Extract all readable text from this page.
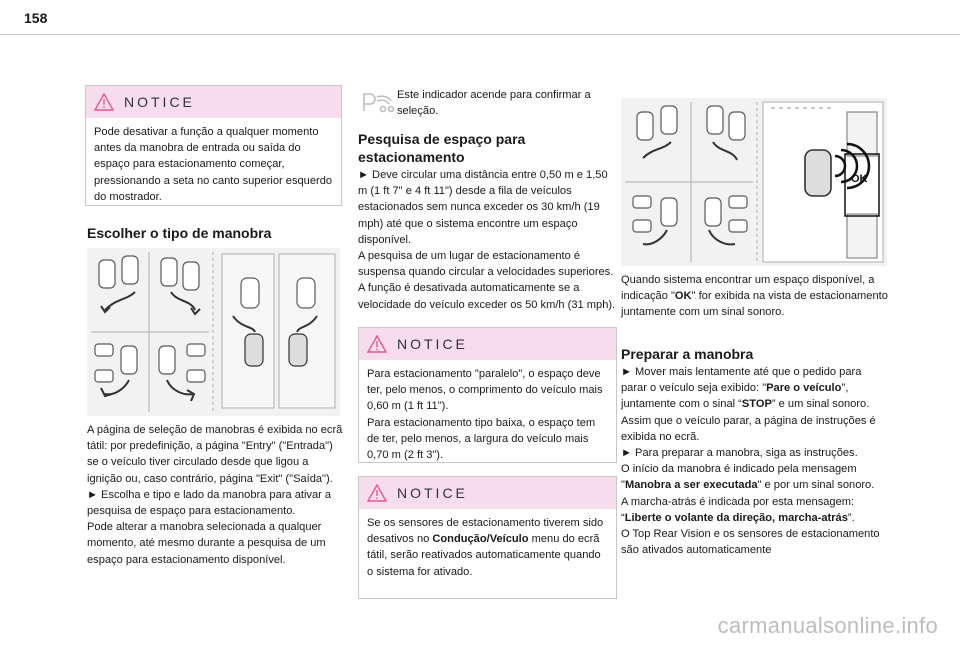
158
NOTICE

Pode desativar a função a qualquer momento antes da manobra de entrada ou saída do espaço para estacionamento começar, pressionando a seta no canto superior esquerdo do mostrador.

Escolher o tipo de manobra

A página de seleção de manobras é exibida no ecrã tátil: por predefinição, a página "Entry" ("Entrada") se o veículo tiver circulado desde que ligou a ignição ou, caso contrário, página "Exit" ("Saída").

► Escolha e tipo e lado da manobra para ativar a pesquisa de espaço para estacionamento.

Pode alterar a manobra selecionada a qualquer momento, até mesmo durante a pesquisa de um espaço para estacionamento disponível.

Este indicador acende para confirmar a seleção.
Pesquisa de espaço para estacionamento

► Deve circular uma distância entre 0,50 m e 1,50 m (1 ft 7" e 4 ft 11") desde a fila de veículos estacionados sem nunca exceder os 30 km/h (19 mph) até que o sistema encontre um espaço disponível.

A pesquisa de um lugar de estacionamento é suspensa quando circular a velocidades superiores. A função é desativada automaticamente se a velocidade do veículo exceder os 50 km/h (31 mph).

NOTICE

Para estacionamento "paralelo", o espaço deve ter, pelo menos, o comprimento do veículo mais 0,60 m (1 ft 11").

Para estacionamento tipo baixa, o espaço tem de ter, pelo menos, a largura do veículo mais 0,70 m (2 ft 3").

NOTICE

Se os sensores de estacionamento tiverem sido desativos no Condução/Veículo menu do ecrã tátil, serão reativados automaticamente quando o sistema for ativado.

OK

Quando sistema encontrar um espaço disponível, a indicação "OK" for exibida na vista de estacionamento juntamente com um sinal sonoro.

Preparar a manobra

► Mover mais lentamente até que o pedido para parar o veículo seja exibido: "Pare o veículo", juntamente com o sinal “STOP” e um sinal sonoro.

Assim que o veículo parar, a página de instruções é exibida no ecrã.

► Para preparar a manobra, siga as instruções.

O início da manobra é indicado pela mensagem "Manobra a ser executada" e por um sinal sonoro.

A marcha-atrás é indicada por esta mensagem: “Liberte o volante da direção, marcha-atrás”.

O Top Rear Vision e os sensores de estacionamento são ativados automaticamente

carmanualsonline.info
